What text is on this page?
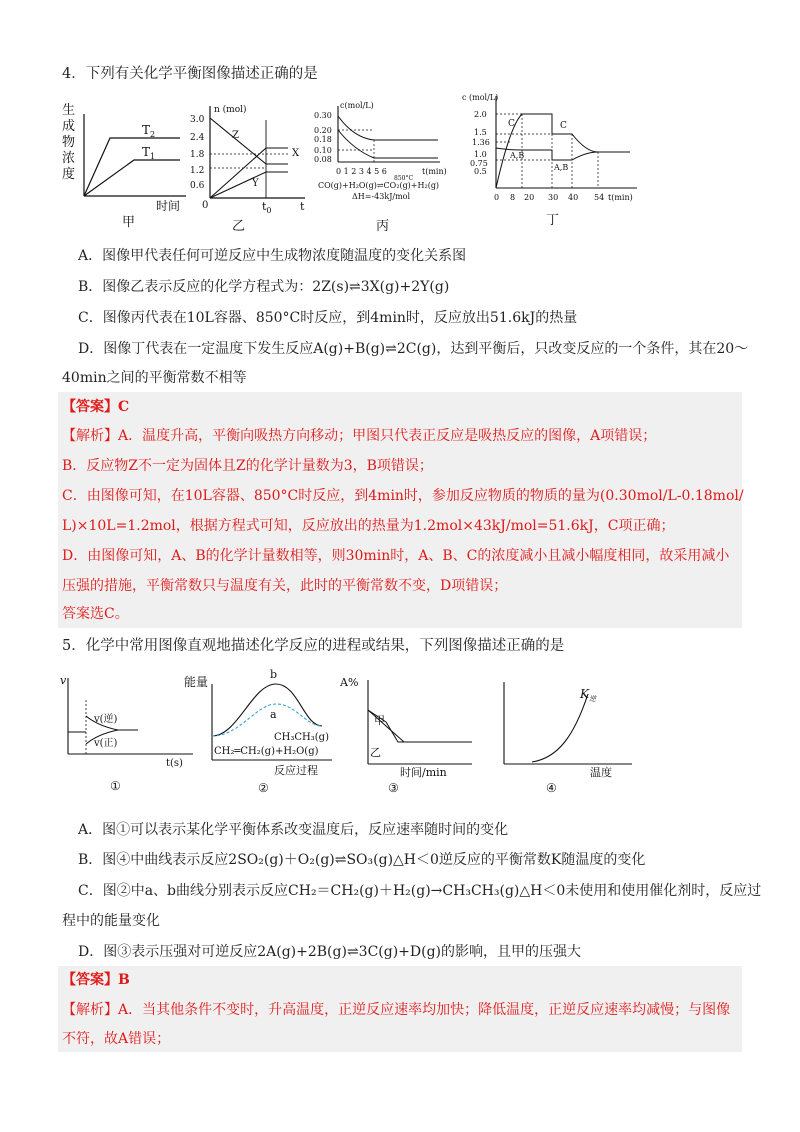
4．下列有关化学平衡图像描述正确的是
生
成
物
浓
度
$T_2$
$T_1$
时间
甲
n (mol)
3.0
2.4
1.8
1.2
0.6
0
Z
X
Y
$t_0$	t
乙
c(mol/L)
0.30
0.20
0.18
0.10
0.08
0 1 2 3 4 5 6	t(min)
850°C
CO(g)+H₂O(g)⇌CO₂(g)+H₂(g)
ΔH=-43kJ/mol
丙
c (mol/L)
2.0
1.5
1.36
1.0
0.75
0.5
C	C
A,B
A,B
0 8 20 30 40 54 t(min)
丁
A．图像甲代表任何可逆反应中生成物浓度随温度的变化关系图
B．图像乙表示反应的化学方程式为：2Z(s)⇌3X(g)+2Y(g)
C．图像丙代表在10L容器、850°C时反应，到4min时，反应放出51.6kJ的热量
D．图像丁代表在一定温度下发生反应A(g)+B(g)⇌2C(g)，达到平衡后，只改变反应的一个条件，其在20～
40min之间的平衡常数不相等
【答案】C
【解析】A．温度升高，平衡向吸热方向移动；甲图只代表正反应是吸热反应的图像，A项错误；
B．反应物Z不一定为固体且Z的化学计量数为3，B项错误；
C．由图像可知，在10L容器、850°C时反应，到4min时，参加反应物质的物质的量为(0.30mol/L-0.18mol/
L)×10L=1.2mol，根据方程式可知，反应放出的热量为1.2mol×43kJ/mol=51.6kJ，C项正确；
D．由图像可知，A、B的化学计量数相等，则30min时，A、B、C的浓度减小且减小幅度相同，故采用减小
压强的措施，平衡常数只与温度有关，此时的平衡常数不变，D项错误；
答案选C。
5．化学中常用图像直观地描述化学反应的进程或结果，下列图像描述正确的是
v
v(逆)
v(正)
t(s)
①
能量
b
a
CH₃CH₃(g)
CH₂═CH₂(g)+H₂O(g)
反应过程
②
A%
甲
乙
时间/min
③
$K_逆$
温度
④
A．图①可以表示某化学平衡体系改变温度后，反应速率随时间的变化
B．图④中曲线表示反应2SO₂(g)＋O₂(g)⇌SO₃(g)△H＜0逆反应的平衡常数K随温度的变化
C．图②中a、b曲线分别表示反应CH₂＝CH₂(g)＋H₂(g)→CH₃CH₃(g)△H＜0未使用和使用催化剂时，反应过
程中的能量变化
D．图③表示压强对可逆反应2A(g)+2B(g)⇌3C(g)+D(g)的影响，且甲的压强大
【答案】B
【解析】A．当其他条件不变时，升高温度，正逆反应速率均加快；降低温度，正逆反应速率均减慢；与图像
不符，故A错误；
